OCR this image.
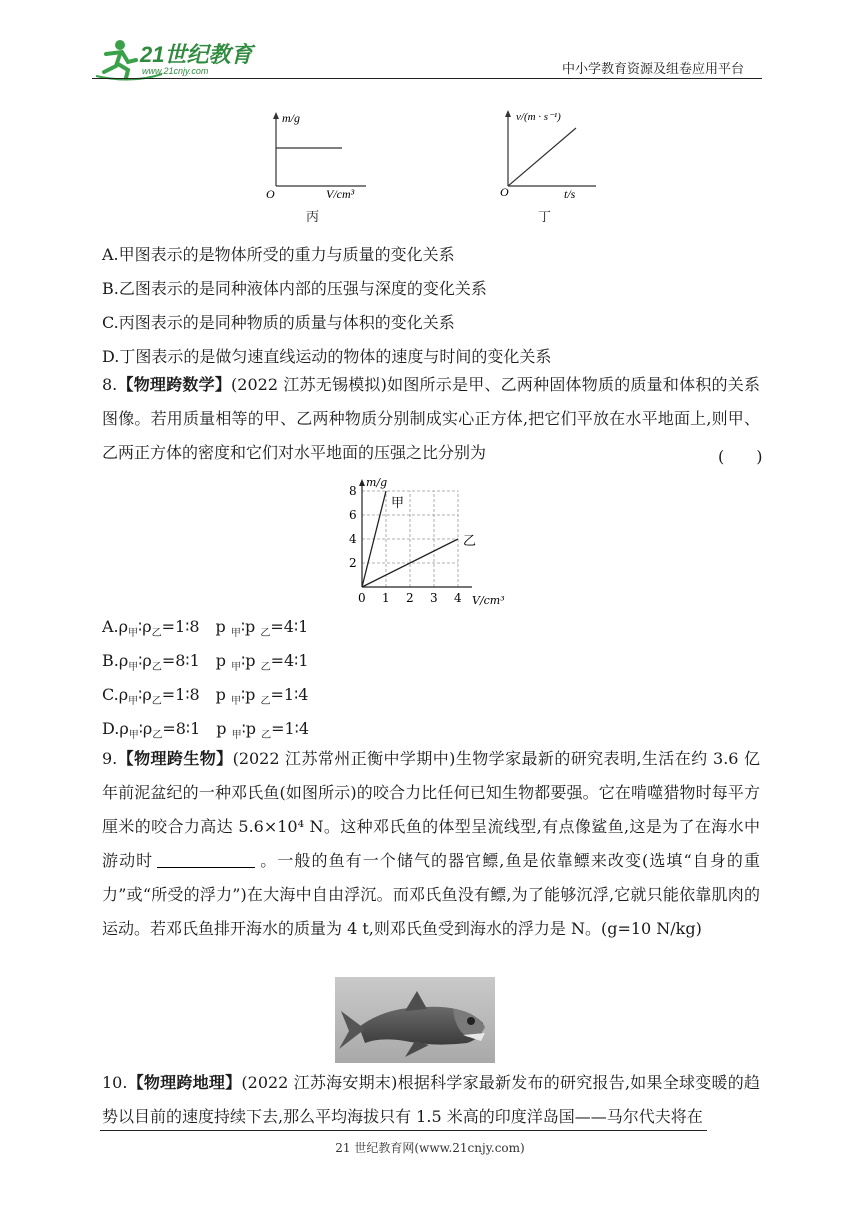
21世纪教育
www.21cnjy.com	中小学教育资源及组卷应用平台
m/g
O	V/cm³
丙
v/(m · s⁻¹)
O	t/s
丁
A.甲图表示的是物体所受的重力与质量的变化关系
B.乙图表示的是同种液体内部的压强与深度的变化关系
C.丙图表示的是同种物质的质量与体积的变化关系
D.丁图表示的是做匀速直线运动的物体的速度与时间的变化关系
8.【物理跨数学】(2022 江苏无锡模拟)如图所示是甲、乙两种固体物质的质量和体积的关系图像。若用质量相等的甲、乙两种物质分别制成实心正方体,把它们平放在水平地面上,则甲、乙两正方体的密度和它们对水平地面的压强之比分别为	(　　)
甲
乙
0 1 2 3 4
2
4
6
8
m/g
V/cm³
$A.\rho_甲∶\rho_乙=1∶8$　p $_甲$∶p $_乙$=4∶1
$B.\rho_甲∶\rho_乙=8∶1$　p $_甲$∶p $_乙$=4∶1
$C.\rho_甲∶\rho_乙=1∶8$　p $_甲$∶p $_乙$=1∶4
$D.\rho_甲∶\rho_乙=8∶1$　p $_甲$∶p $_乙$=1∶4
9.【物理跨生物】(2022 江苏常州正衡中学期中)生物学家最新的研究表明,生活在约 3.6 亿年前泥盆纪的一种邓氏鱼(如图所示)的咬合力比任何已知生物都要强。它在啃噬猎物时每平方厘米的咬合力高达 5.6×10⁴ N。这种邓氏鱼的体型呈流线型,有点像鲨鱼,这是为了在海水中游动时	。一般的鱼有一个储气的器官鳔,鱼是依靠鳔来改变(选填“自身的重力”或“所受的浮力”)在大海中自由浮沉。而邓氏鱼没有鳔,为了能够沉浮,它就只能依靠肌肉的运动。若邓氏鱼排开海水的质量为 4 t,则邓氏鱼受到海水的浮力是 N。(g=10 N/kg)
10.【物理跨地理】(2022 江苏海安期末)根据科学家最新发布的研究报告,如果全球变暖的趋势以目前的速度持续下去,那么平均海拔只有 1.5 米高的印度洋岛国——马尔代夫将在
21 世纪教育网(www.21cnjy.com)
